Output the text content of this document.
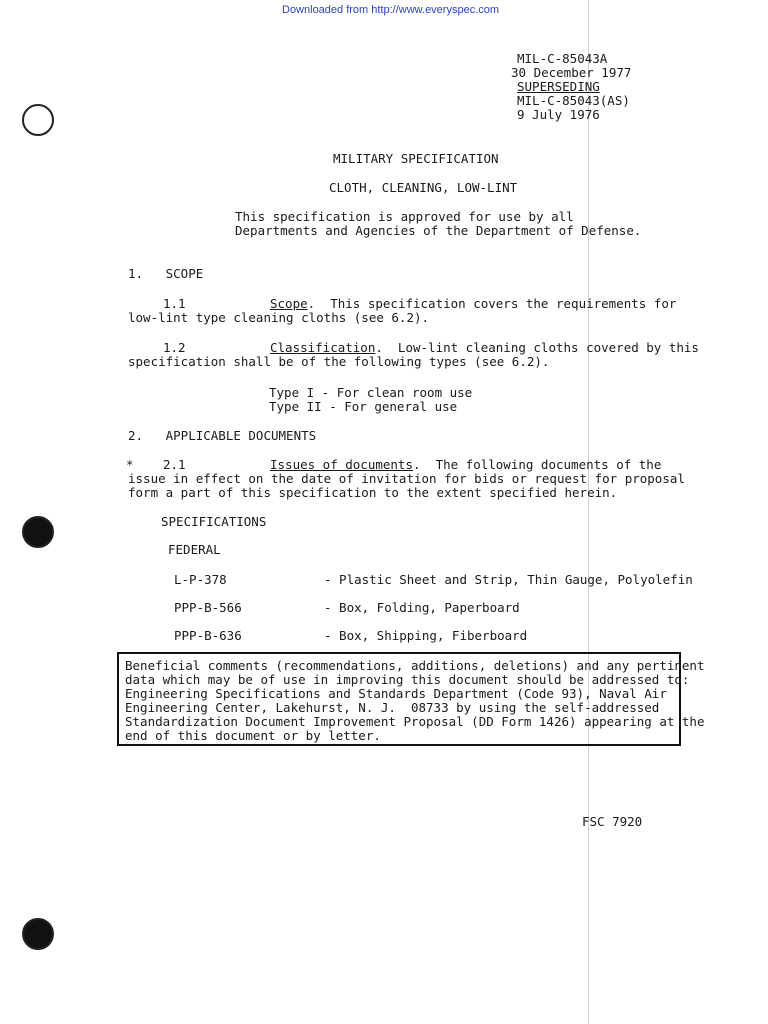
Downloaded from http://www.everyspec.com
MIL-C-85043A
30 December 1977
SUPERSEDING
MIL-C-85043(AS)
9 July 1976
MILITARY SPECIFICATION
CLOTH, CLEANING, LOW-LINT
This specification is approved for use by all
Departments and Agencies of the Department of Defense.
1.   SCOPE
1.1	Scope.  This specification covers the requirements for
low-lint type cleaning cloths (see 6.2).
1.2	Classification.  Low-lint cleaning cloths covered by this
specification shall be of the following types (see 6.2).
Type I - For clean room use
Type II - For general use
2.   APPLICABLE DOCUMENTS
* 2.1	Issues of documents.  The following documents of the
issue in effect on the date of invitation for bids or request for proposal
form a part of this specification to the extent specified herein.
SPECIFICATIONS
FEDERAL
L-P-378	- Plastic Sheet and Strip, Thin Gauge, Polyolefin
PPP-B-566	- Box, Folding, Paperboard
PPP-B-636	- Box, Shipping, Fiberboard
Beneficial comments (recommendations, additions, deletions) and any pertinent
data which may be of use in improving this document should be addressed to:
Engineering Specifications and Standards Department (Code 93), Naval Air
Engineering Center, Lakehurst, N. J.  08733 by using the self-addressed
Standardization Document Improvement Proposal (DD Form 1426) appearing at the
end of this document or by letter.
FSC 7920
